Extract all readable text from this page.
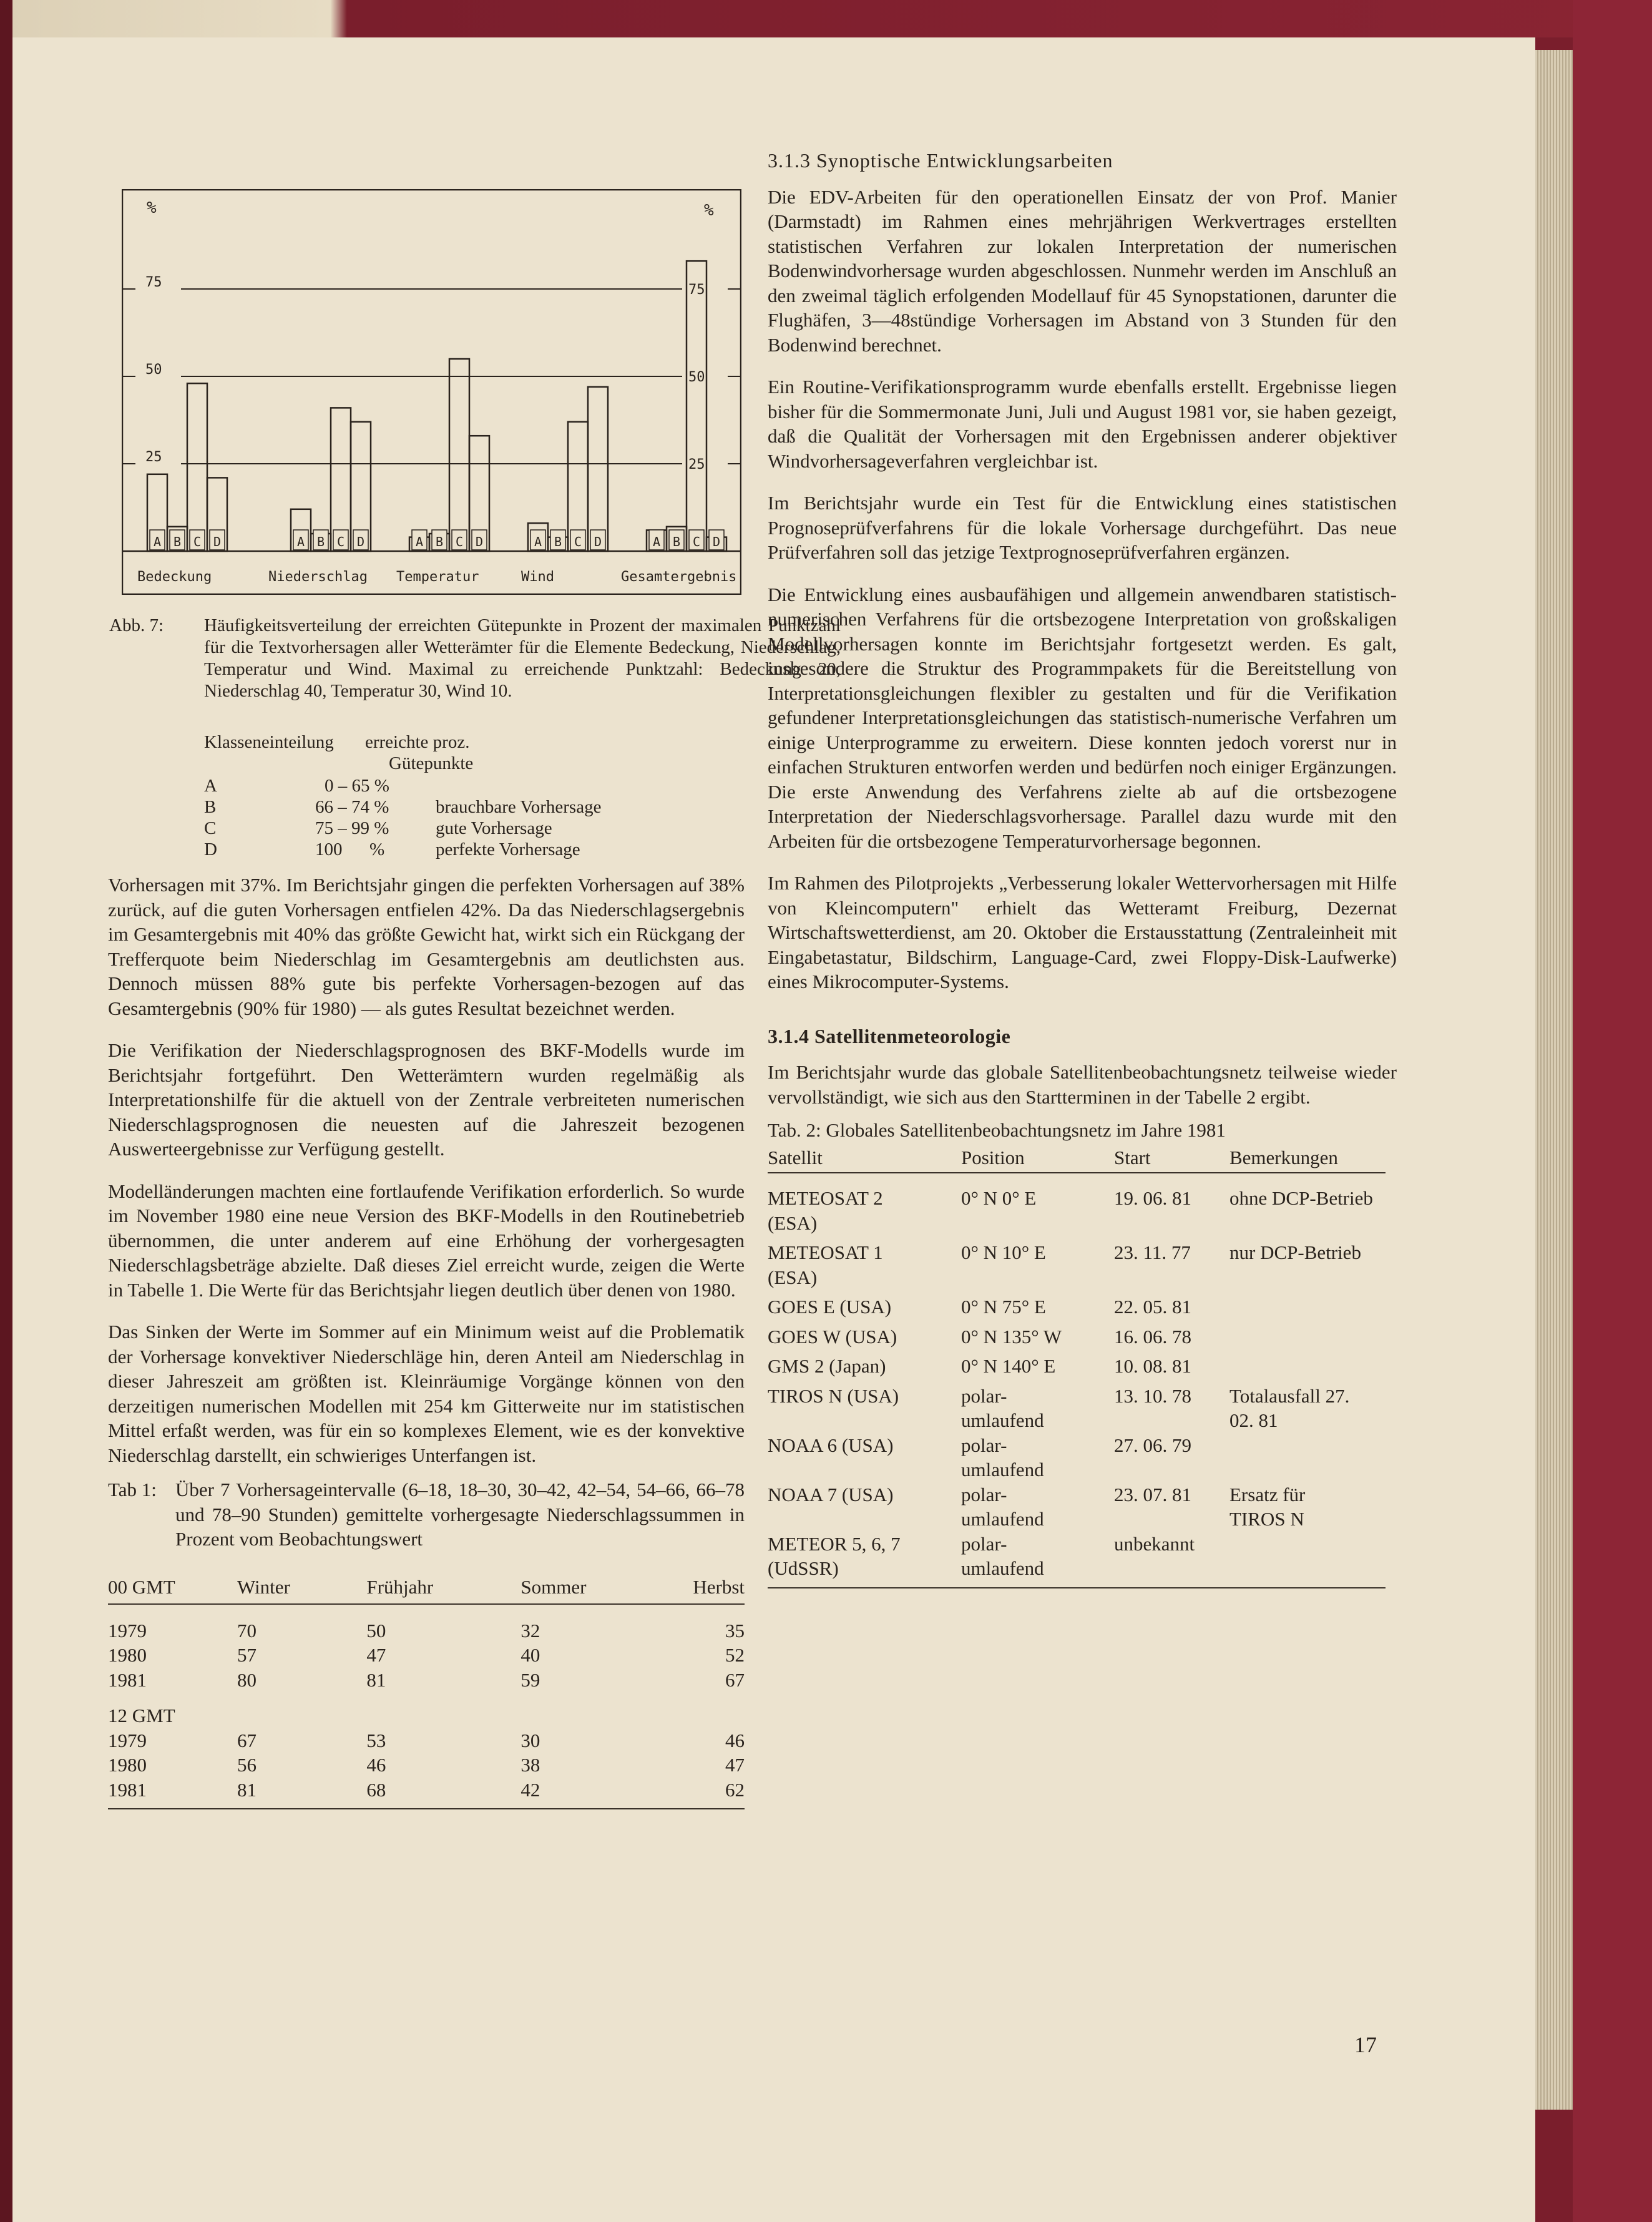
%	%
25	25
50	50
75	75
A B C D	A B C D	A B C D	A B C D	A B C D
Bedeckung	Niederschlag Temperatur	Wind	Gesamtergebnis
Abb. 7: Häufigkeitsverteilung der erreichten Gütepunkte in Prozent der maximalen Punktzahl für die Textvorhersagen aller Wetterämter für die Elemente Bedeckung, Niederschlag, Temperatur und Wind. Maximal zu erreichende Punktzahl: Bedeckung 20, Niederschlag 40, Temperatur 30, Wind 10.
Klasseneinteilung erreichte proz.
Gütepunkte
A	0 – 65 %
B	66 – 74 %	brauchbare Vorhersage
C	75 – 99 %	gute Vorhersage
D	100      %	perfekte Vorhersage

Vorhersagen mit 37%. Im Berichtsjahr gingen die perfekten Vorhersagen auf 38% zurück, auf die guten Vorhersagen entfielen 42%. Da das Niederschlagsergebnis im Gesamtergebnis mit 40% das größte Gewicht hat, wirkt sich ein Rückgang der Trefferquote beim Niederschlag im Gesamtergebnis am deutlichsten aus. Dennoch müssen 88% gute bis perfekte Vorhersagen-bezogen auf das Gesamtergebnis (90% für 1980) — als gutes Resultat bezeichnet werden.

Die Verifikation der Niederschlagsprognosen des BKF-Modells wurde im Berichtsjahr fortgeführt. Den Wetterämtern wurden regelmäßig als Interpretationshilfe für die aktuell von der Zentrale verbreiteten numerischen Niederschlagsprognosen die neuesten auf die Jahreszeit bezogenen Auswerteergebnisse zur Verfügung gestellt.

Modelländerungen machten eine fortlaufende Verifikation erforderlich. So wurde im November 1980 eine neue Version des BKF-Modells in den Routinebetrieb übernommen, die unter anderem auf eine Erhöhung der vorhergesagten Niederschlagsbeträge abzielte. Daß dieses Ziel erreicht wurde, zeigen die Werte in Tabelle 1. Die Werte für das Berichtsjahr liegen deutlich über denen von 1980.

Das Sinken der Werte im Sommer auf ein Minimum weist auf die Problematik der Vorhersage konvektiver Niederschläge hin, deren Anteil am Niederschlag in dieser Jahreszeit am größten ist. Kleinräumige Vorgänge können von den derzeitigen numerischen Modellen mit 254 km Gitterweite nur im statistischen Mittel erfaßt werden, was für ein so komplexes Element, wie es der konvektive Niederschlag darstellt, ein schwieriges Unterfangen ist.

Tab 1: Über 7 Vorhersageintervalle (6–18, 18–30, 30–42, 42–54, 54–66, 66–78 und 78–90 Stunden) gemittelte vorhergesagte Niederschlagssummen in Prozent vom Beobachtungswert
00 GMT	Winter	Frühjahr	Sommer	Herbst

1979	70	50	32	35
1980	57	47	40	52
1981	80	81	59	67
12 GMT				
1979	67	53	30	46
1980	56	46	38	47
1981	81	68	42	62
3.1.3 Synoptische Entwicklungsarbeiten

Die EDV-Arbeiten für den operationellen Einsatz der von Prof. Manier (Darmstadt) im Rahmen eines mehrjährigen Werkvertrages erstellten statistischen Verfahren zur lokalen Interpretation der numerischen Bodenwindvorhersage wurden abgeschlossen. Nunmehr werden im Anschluß an den zweimal täglich erfolgenden Modellauf für 45 Synopstationen, darunter die Flughäfen, 3—48stündige Vorhersagen im Abstand von 3 Stunden für den Bodenwind berechnet.

Ein Routine-Verifikationsprogramm wurde ebenfalls erstellt. Ergebnisse liegen bisher für die Sommermonate Juni, Juli und August 1981 vor, sie haben gezeigt, daß die Qualität der Vorhersagen mit den Ergebnissen anderer objektiver Windvorhersageverfahren vergleichbar ist.

Im Berichtsjahr wurde ein Test für die Entwicklung eines statistischen Prognoseprüfverfahrens für die lokale Vorhersage durchgeführt. Das neue Prüfverfahren soll das jetzige Textprognoseprüfverfahren ergänzen.

Die Entwicklung eines ausbaufähigen und allgemein anwendbaren statistisch-numerischen Verfahrens für die ortsbezogene Interpretation von großskaligen Modellvorhersagen konnte im Berichtsjahr fortgesetzt werden. Es galt, insbesondere die Struktur des Programmpakets für die Bereitstellung von Interpretationsgleichungen flexibler zu gestalten und für die Verifikation gefundener Interpretationsgleichungen das statistisch-numerische Verfahren um einige Unterprogramme zu erweitern. Diese konnten jedoch vorerst nur in einfachen Strukturen entworfen werden und bedürfen noch einiger Ergänzungen. Die erste Anwendung des Verfahrens zielte ab auf die ortsbezogene Interpretation der Niederschlagsvorhersage. Parallel dazu wurde mit den Arbeiten für die ortsbezogene Temperaturvorhersage begonnen.

Im Rahmen des Pilotprojekts „Verbesserung lokaler Wettervorhersagen mit Hilfe von Kleincomputern" erhielt das Wetteramt Freiburg, Dezernat Wirtschaftswetterdienst, am 20. Oktober die Erstausstattung (Zentraleinheit mit Eingabetastatur, Bildschirm, Language-Card, zwei Floppy-Disk-Laufwerke) eines Mikrocomputer-Systems.

3.1.4 Satellitenmeteorologie

Im Berichtsjahr wurde das globale Satellitenbeobachtungsnetz teilweise wieder vervollständigt, wie sich aus den Startterminen in der Tabelle 2 ergibt.

Tab. 2: Globales Satellitenbeobachtungsnetz im Jahre 1981
Satellit	Position	Start	Bemerkungen

METEOSAT 2 (ESA)	0° N 0° E	19. 06. 81	ohne DCP-Betrieb
METEOSAT 1 (ESA)	0° N 10° E	23. 11. 77	nur DCP-Betrieb
GOES E (USA)	0° N 75° E	22. 05. 81	
GOES W (USA)	0° N 135° W	16. 06. 78	
GMS 2 (Japan)	0° N 140° E	10. 08. 81	
TIROS N (USA)	polar-umlaufend	13. 10. 78	Totalausfall 27. 02. 81
NOAA 6 (USA)	polar-umlaufend	27. 06. 79	
NOAA 7 (USA)	polar-umlaufend	23. 07. 81	Ersatz für TIROS N
METEOR 5, 6, 7 (UdSSR)	polar-umlaufend	unbekannt	
17
